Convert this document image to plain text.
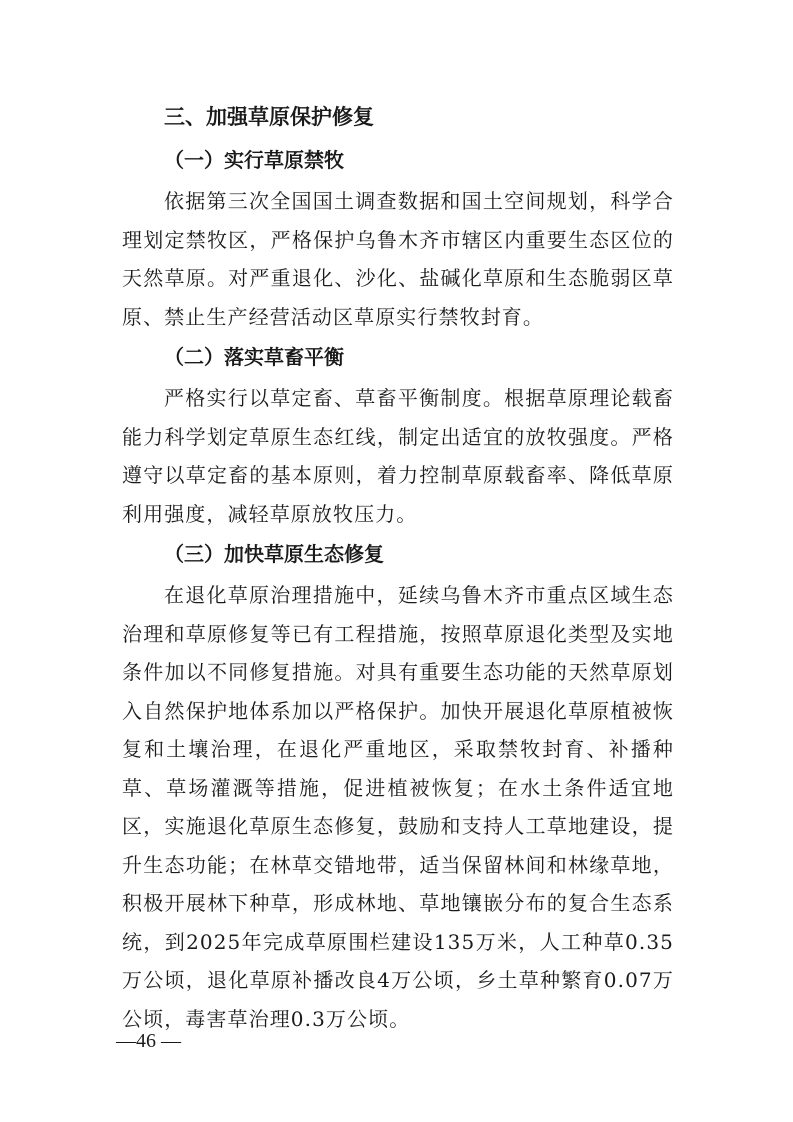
三、加强草原保护修复
（一）实行草原禁牧

依据第三次全国国土调查数据和国土空间规划，科学合理划定禁牧区，严格保护乌鲁木齐市辖区内重要生态区位的天然草原。对严重退化、沙化、盐碱化草原和生态脆弱区草原、禁止生产经营活动区草原实行禁牧封育。

（二）落实草畜平衡

严格实行以草定畜、草畜平衡制度。根据草原理论载畜能力科学划定草原生态红线，制定出适宜的放牧强度。严格遵守以草定畜的基本原则，着力控制草原载畜率、降低草原利用强度，减轻草原放牧压力。

（三）加快草原生态修复

在退化草原治理措施中，延续乌鲁木齐市重点区域生态治理和草原修复等已有工程措施，按照草原退化类型及实地条件加以不同修复措施。对具有重要生态功能的天然草原划入自然保护地体系加以严格保护。加快开展退化草原植被恢复和土壤治理，在退化严重地区，采取禁牧封育、补播种草、草场灌溉等措施，促进植被恢复；在水土条件适宜地区，实施退化草原生态修复，鼓励和支持人工草地建设，提升生态功能；在林草交错地带，适当保留林间和林缘草地，积极开展林下种草，形成林地、草地镶嵌分布的复合生态系统，到2025年完成草原围栏建设135万米，人工种草0.35万公顷，退化草原补播改良4万公顷，乡土草种繁育0.07万公顷，毒害草治理0.3万公顷。

—46 —
